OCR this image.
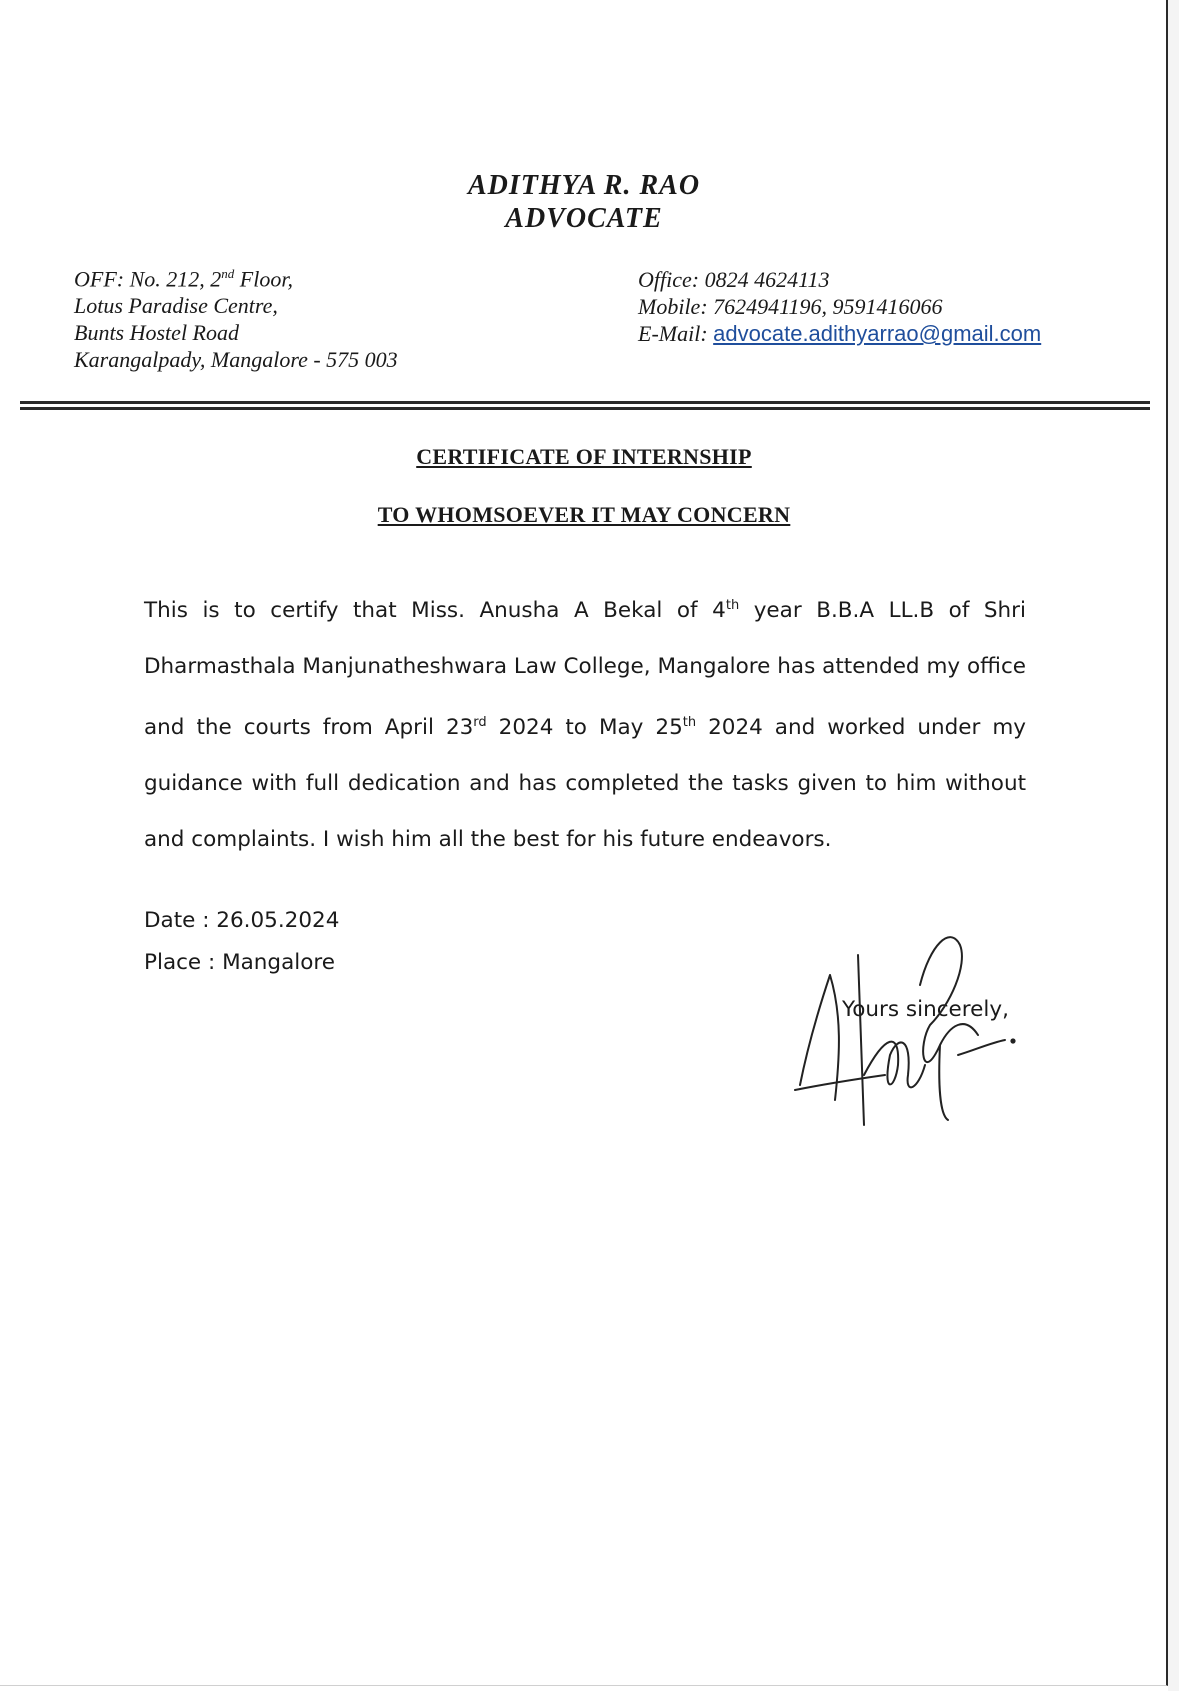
ADITHYA R. RAO
ADVOCATE
OFF: No. 212, 2nd Floor,
Lotus Paradise Centre,
Bunts Hostel Road
Karangalpady, Mangalore - 575 003
Office: 0824 4624113
Mobile: 7624941196, 9591416066
E-Mail: advocate.adithyarrao@gmail.com
CERTIFICATE OF INTERNSHIP
TO WHOMSOEVER IT MAY CONCERN
This is to certify that Miss. Anusha A Bekal of 4th year B.B.A LL.B of Shri Dharmasthala Manjunatheshwara Law College, Mangalore has attended my office and the courts from April 23rd 2024 to May 25th 2024 and worked under my guidance with full dedication and has completed the tasks given to him without and complaints. I wish him all the best for his future endeavors.
Date : 26.05.2024
Place : Mangalore
Yours sincerely,
